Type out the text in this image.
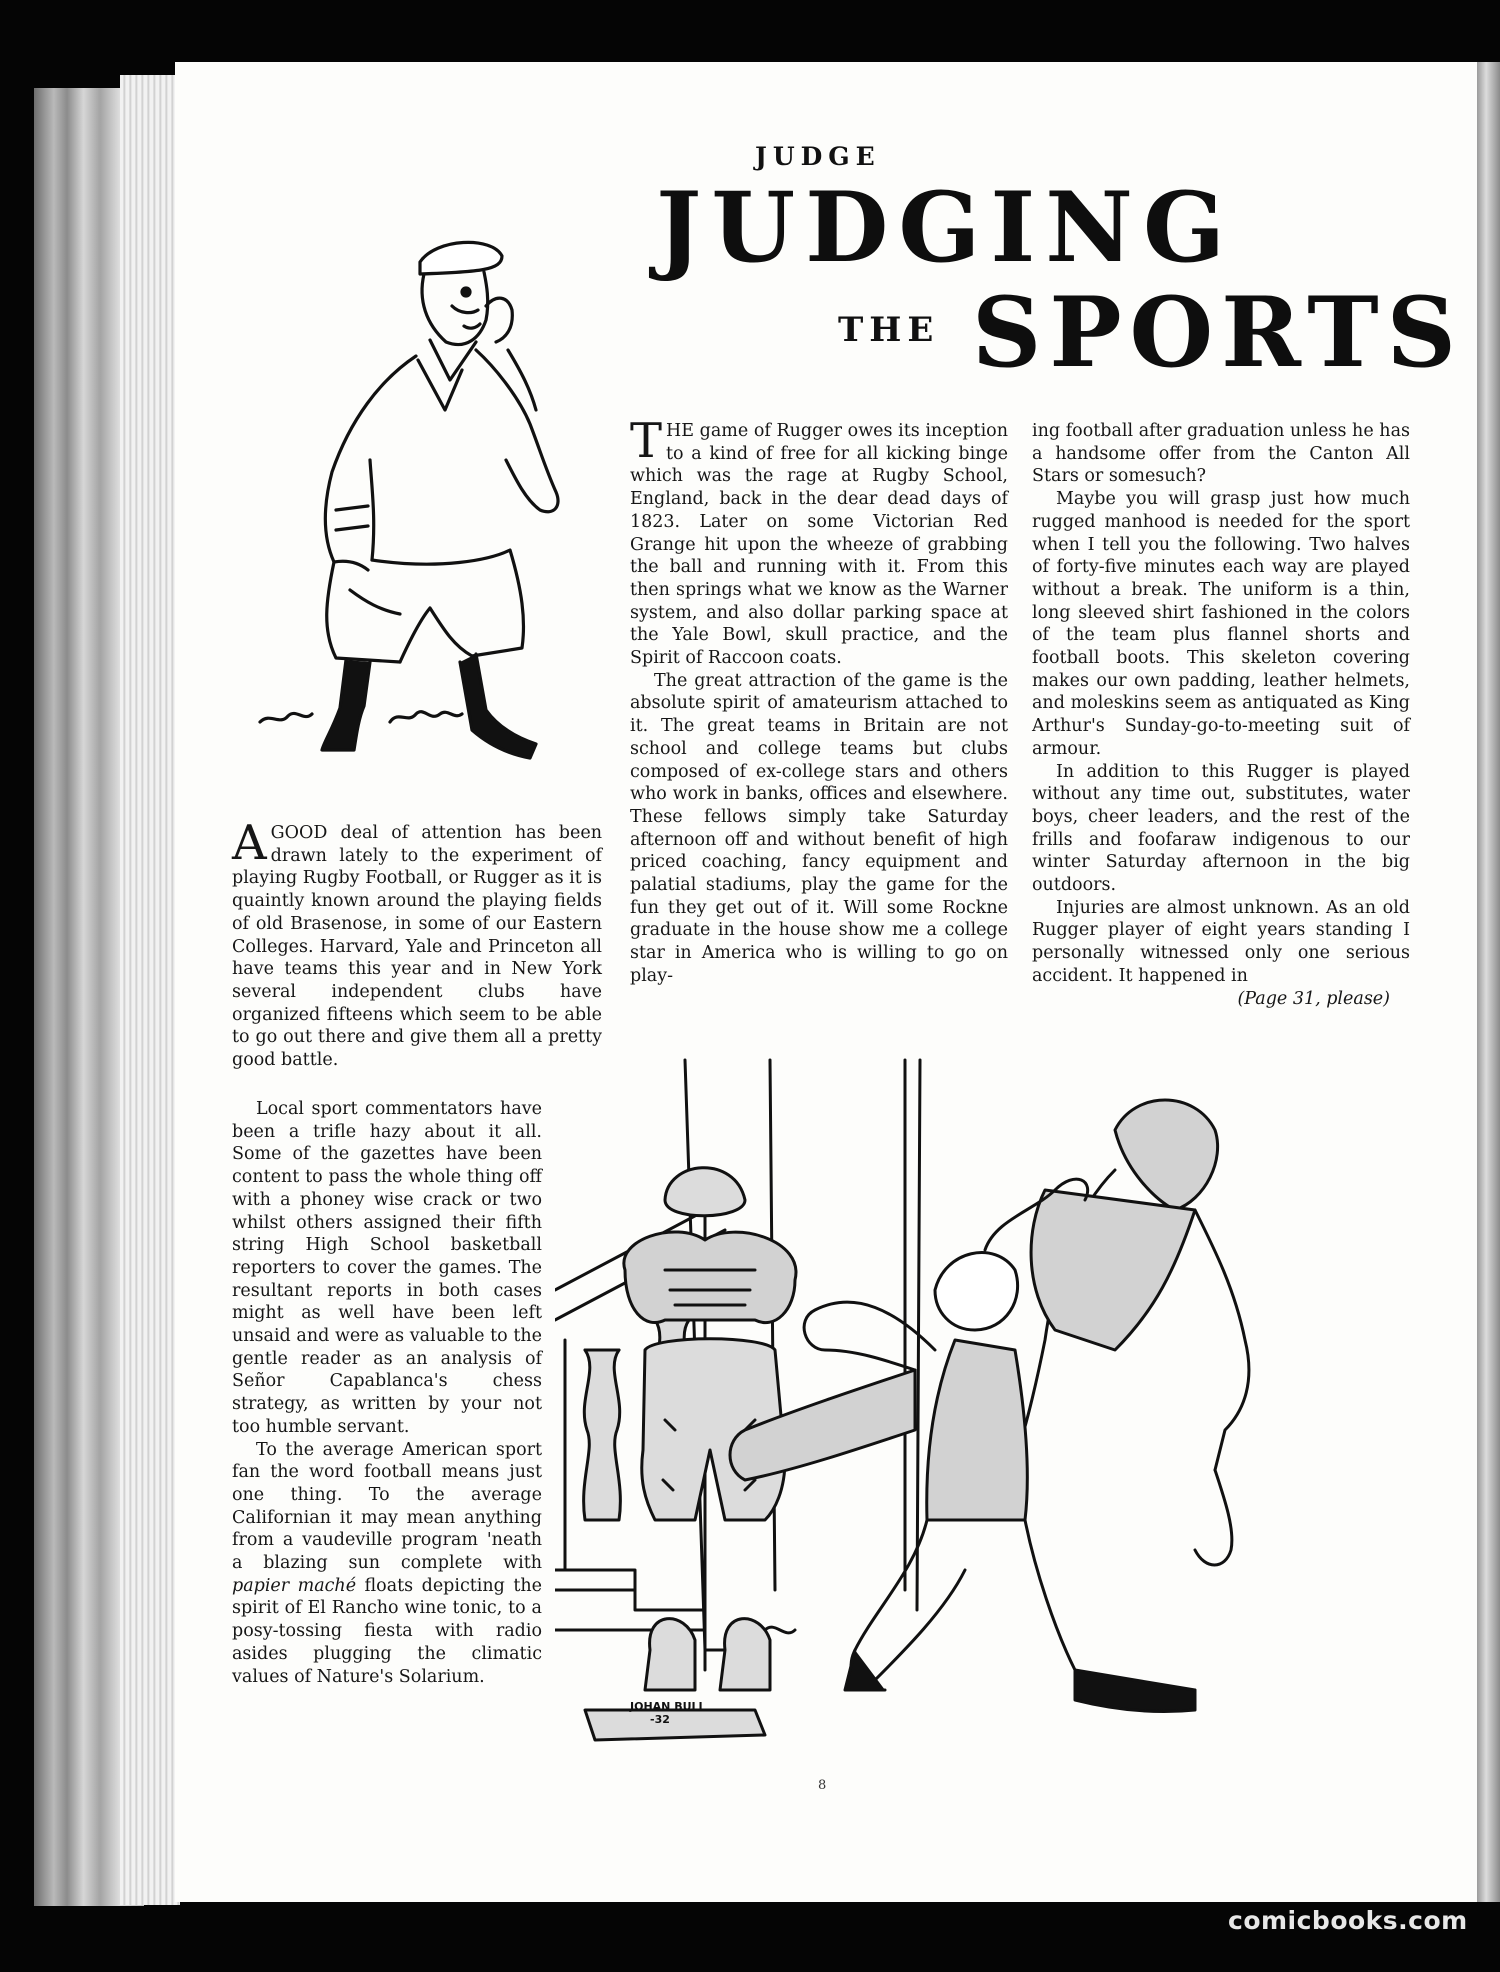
JUDGE
JUDGING
THE SPORTS

AGOOD deal of attention has been drawn lately to the experiment of playing Rugby Football, or Rugger as it is quaintly known around the playing fields of old Brasenose, in some of our Eastern Colleges. Harvard, Yale and Princeton all have teams this year and in New York several independent clubs have organized fifteens which seem to be able to go out there and give them all a pretty good battle.

Local sport commentators have been a trifle hazy about it all. Some of the gazettes have been content to pass the whole thing off with a phoney wise crack or two whilst others assigned their fifth string High School basketball reporters to cover the games. The resultant reports in both cases might as well have been left unsaid and were as valuable to the gentle reader as an analysis of Señor Capablanca's chess strategy, as written by your not too humble servant.

To the average American sport fan the word football means just one thing. To the average Californian it may mean anything from a vaudeville program 'neath a blazing sun complete with papier maché floats depicting the spirit of El Rancho wine tonic, to a posy-tossing fiesta with radio asides plugging the climatic values of Nature's Solarium.

THE game of Rugger owes its inception to a kind of free for all kicking binge which was the rage at Rugby School, England, back in the dear dead days of 1823. Later on some Victorian Red Grange hit upon the wheeze of grabbing the ball and running with it. From this then springs what we know as the Warner system, and also dollar parking space at the Yale Bowl, skull practice, and the Spirit of Raccoon coats.

The great attraction of the game is the absolute spirit of amateurism attached to it. The great teams in Britain are not school and college teams but clubs composed of ex-college stars and others who work in banks, offices and elsewhere. These fellows simply take Saturday afternoon off and without benefit of high priced coaching, fancy equipment and palatial stadiums, play the game for the fun they get out of it. Will some Rockne graduate in the house show me a college star in America who is willing to go on play-

ing football after graduation unless he has a handsome offer from the Canton All Stars or somesuch?

Maybe you will grasp just how much rugged manhood is needed for the sport when I tell you the following. Two halves of forty-five minutes each way are played without a break. The uniform is a thin, long sleeved shirt fashioned in the colors of the team plus flannel shorts and football boots. This skeleton covering makes our own padding, leather helmets, and moleskins seem as antiquated as King Arthur's Sunday-go-to-meeting suit of armour.

In addition to this Rugger is played without any time out, substitutes, water boys, cheer leaders, and the rest of the frills and foofaraw indigenous to our winter Saturday afternoon in the big outdoors.

Injuries are almost unknown. As an old Rugger player of eight years standing I personally witnessed only one serious accident. It happened in

(Page 31, please)

JOHAN BULL
-32
8
comicbooks.com
